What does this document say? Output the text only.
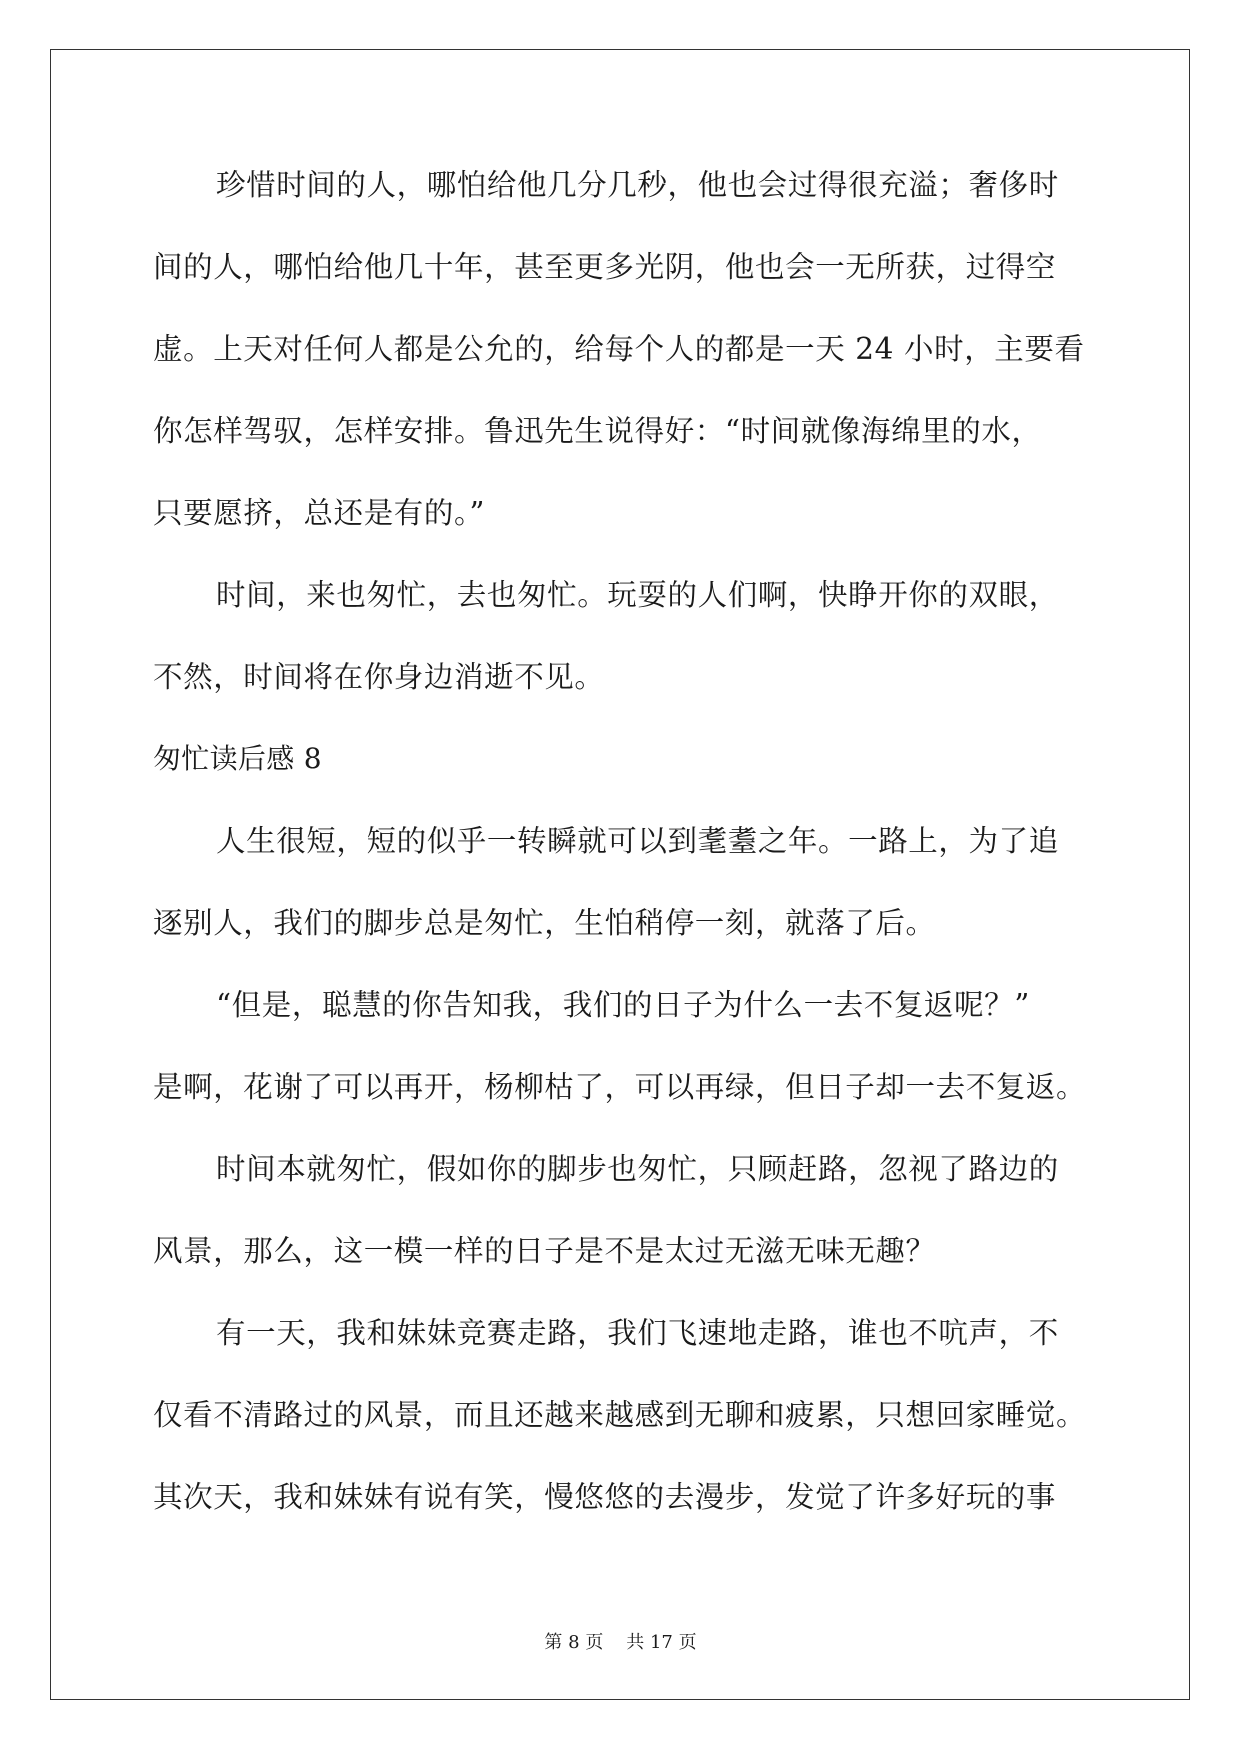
珍惜时间的人，哪怕给他几分几秒，他也会过得很充溢；奢侈时
间的人，哪怕给他几十年，甚至更多光阴，他也会一无所获，过得空
虚。上天对任何人都是公允的，给每个人的都是一天 24 小时，主要看
你怎样驾驭，怎样安排。鲁迅先生说得好：“时间就像海绵里的水，
只要愿挤，总还是有的。”
时间，来也匆忙，去也匆忙。玩耍的人们啊，快睁开你的双眼，
不然，时间将在你身边消逝不见。
匆忙读后感 8
人生很短，短的似乎一转瞬就可以到耄耋之年。一路上，为了追
逐别人，我们的脚步总是匆忙，生怕稍停一刻，就落了后。
“但是，聪慧的你告知我，我们的日子为什么一去不复返呢？”
是啊，花谢了可以再开，杨柳枯了，可以再绿，但日子却一去不复返。
时间本就匆忙，假如你的脚步也匆忙，只顾赶路，忽视了路边的
风景，那么，这一模一样的日子是不是太过无滋无味无趣？
有一天，我和妹妹竞赛走路，我们飞速地走路，谁也不吭声，不
仅看不清路过的风景，而且还越来越感到无聊和疲累，只想回家睡觉。
其次天，我和妹妹有说有笑，慢悠悠的去漫步，发觉了许多好玩的事
第 8 页 共 17 页
